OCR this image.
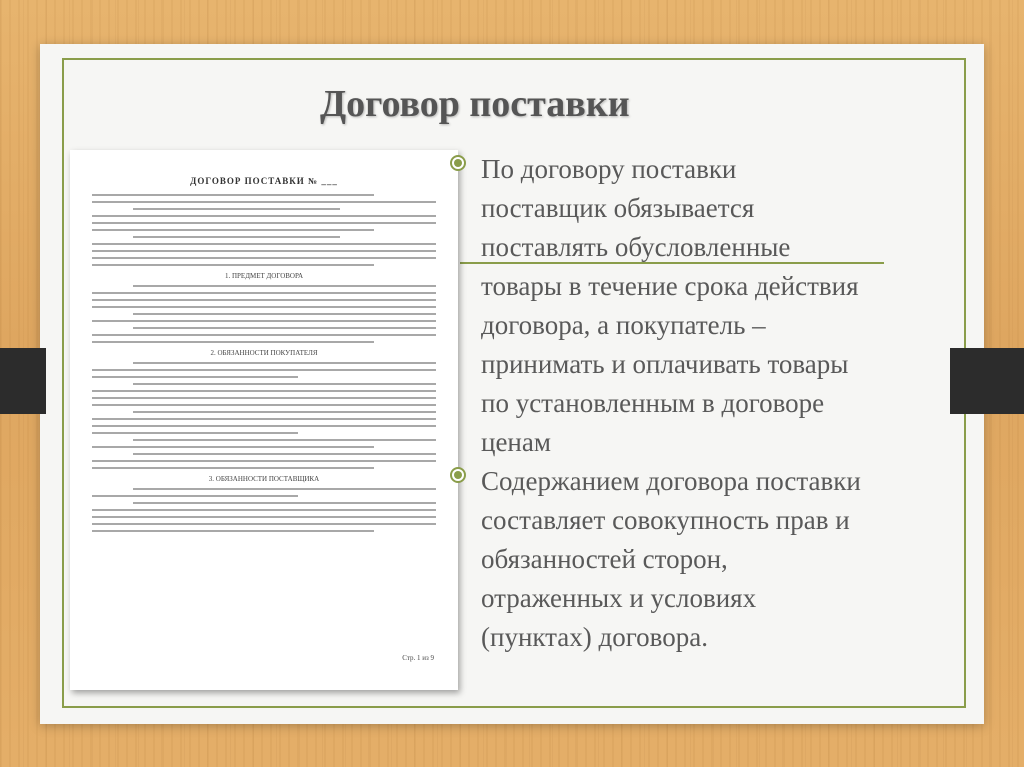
Договор поставки
ДОГОВОР ПОСТАВКИ № ___
1. ПРЕДМЕТ ДОГОВОРА
2. ОБЯЗАННОСТИ ПОКУПАТЕЛЯ
3. ОБЯЗАННОСТИ ПОСТАВЩИКА
Стр. 1 из 9
По договору поставки
поставщик обязывается
поставлять обусловленные
товары в течение срока действия
договора, а покупатель –
принимать и оплачивать товары
по установленным в договоре
ценам
Содержанием договора поставки
составляет совокупность прав и
обязанностей сторон,
отраженных и условиях
(пунктах) договора.
